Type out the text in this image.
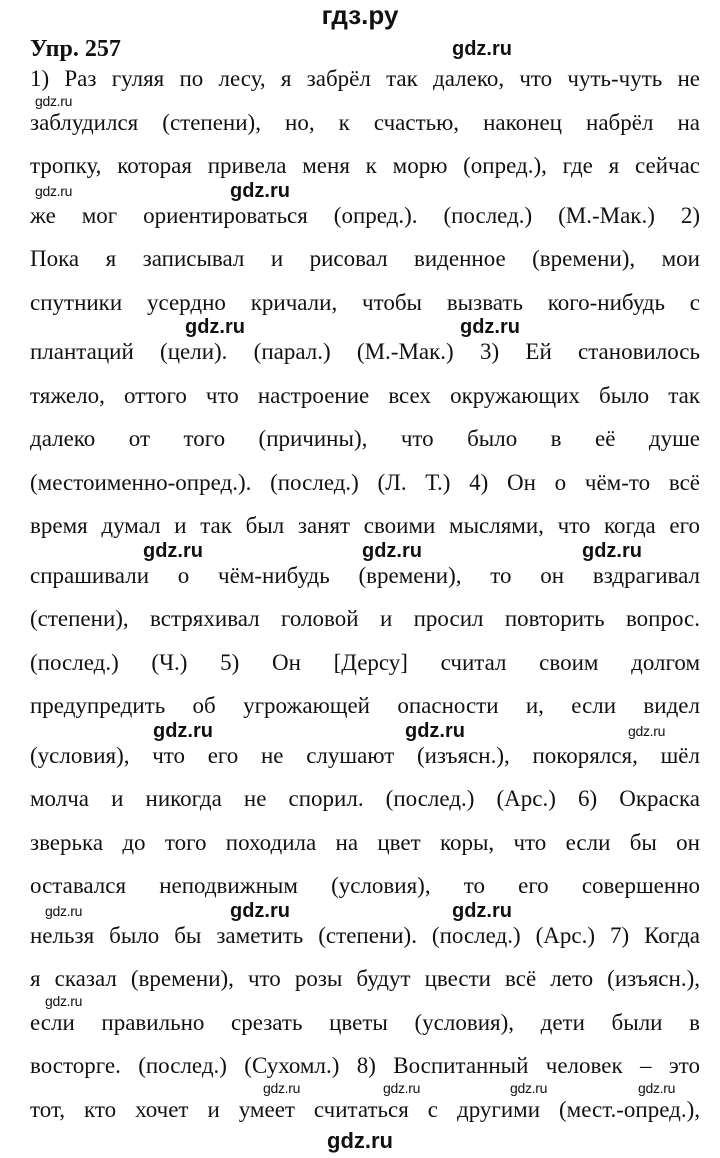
гдз.ру
Упр. 257
1) Раз гуляя по лесу, я забрёл так далеко, что чуть-чуть не
заблудился (степени), но, к счастью, наконец набрёл на
тропку, которая привела меня к морю (опред.), где я сейчас
же мог ориентироваться (опред.). (послед.) (М.-Мак.) 2)
Пока я записывал и рисовал виденное (времени), мои
спутники усердно кричали, чтобы вызвать кого-нибудь с
плантаций (цели). (парал.) (М.-Мак.) 3) Ей становилось
тяжело, оттого что настроение всех окружающих было так
далеко от того (причины), что было в её душе
(местоименно-опред.). (послед.) (Л. Т.) 4) Он о чём-то всё
время думал и так был занят своими мыслями, что когда его
спрашивали о чём-нибудь (времени), то он вздрагивал
(степени), встряхивал головой и просил повторить вопрос.
(послед.) (Ч.) 5) Он [Дерсу] считал своим долгом
предупредить об угрожающей опасности и, если видел
(условия), что его не слушают (изъясн.), покорялся, шёл
молча и никогда не спорил. (послед.) (Арс.) 6) Окраска
зверька до того походила на цвет коры, что если бы он
оставался неподвижным (условия), то его совершенно
нельзя было бы заметить (степени). (послед.) (Арс.) 7) Когда
я сказал (времени), что розы будут цвести всё лето (изъясн.),
если правильно срезать цветы (условия), дети были в
восторге. (послед.) (Сухомл.) 8) Воспитанный человек – это
тот, кто хочет и умеет считаться с другими (мест.-опред.),
gdz.ru
gdz.ru
gdz.ru
gdz.ru
gdz.ru	gdz.ru
gdz.ru	gdz.ru	gdz.ru
gdz.ru
gdz.ru	gdz.ru
gdz.ru	gdz.ru	gdz.ru
gdz.ru
gdz.ru	gdz.ru	gdz.ru	gdz.ru
gdz.ru
